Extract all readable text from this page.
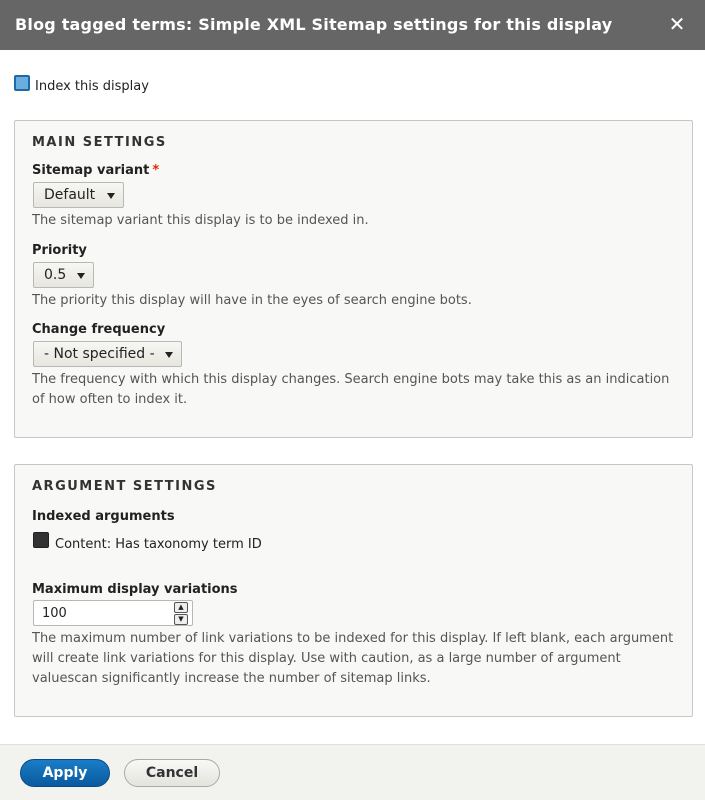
Blog tagged terms: Simple XML Sitemap settings for this display	✕
Index this display
MAIN SETTINGS
Sitemap variant *
Default
The sitemap variant this display is to be indexed in.
Priority
0.5
The priority this display will have in the eyes of search engine bots.
Change frequency
- Not specified -
The frequency with which this display changes. Search engine bots may take this as an indication of how often to index it.
ARGUMENT SETTINGS
Indexed arguments
Content: Has taxonomy term ID
Maximum display variations
100	▲
▼
The maximum number of link variations to be indexed for this display. If left blank, each argument will create link variations for this display. Use with caution, as a large number of argument valuescan significantly increase the number of sitemap links.
Apply	Cancel
